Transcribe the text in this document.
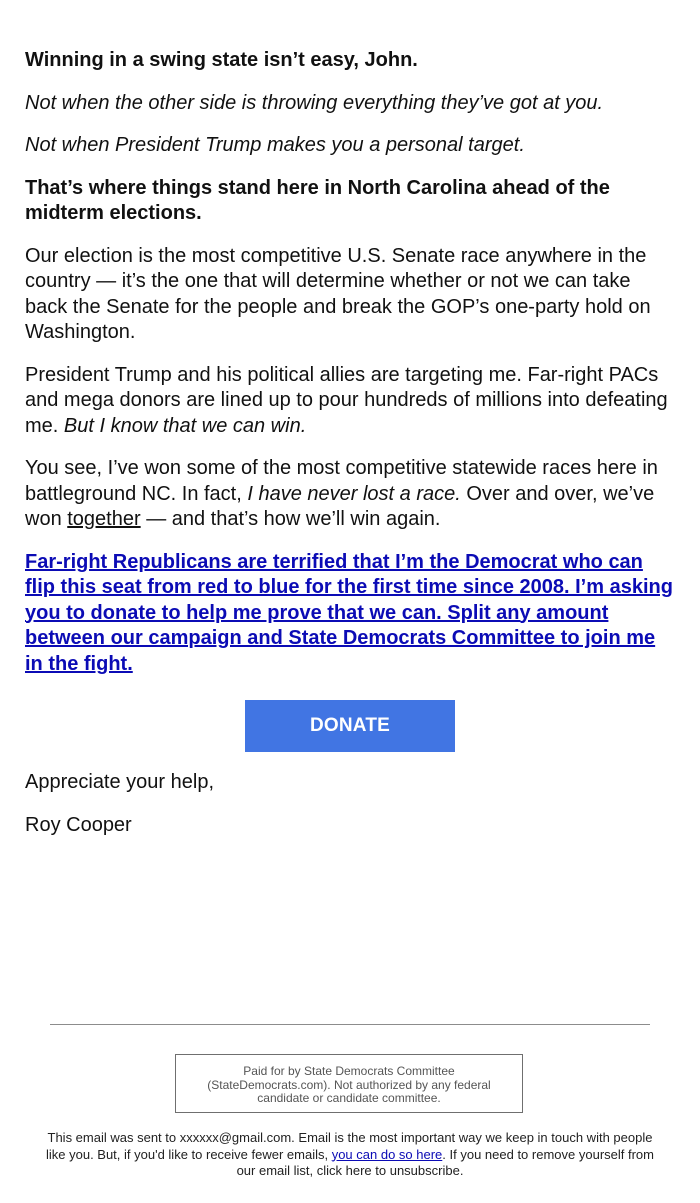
Winning in a swing state isn’t easy, John.

Not when the other side is throwing everything they’ve got at you.

Not when President Trump makes you a personal target.

That’s where things stand here in North Carolina ahead of the midterm elections.

Our election is the most competitive U.S. Senate race anywhere in the country — it’s the one that will determine whether or not we can take back the Senate for the people and break the GOP’s one-party hold on Washington.

President Trump and his political allies are targeting me. Far-right PACs and mega donors are lined up to pour hundreds of millions into defeating me. But I know that we can win.

You see, I’ve won some of the most competitive statewide races here in battleground NC. In fact, I have never lost a race. Over and over, we’ve won together — and that’s how we’ll win again.

Far-right Republicans are terrified that I’m the Democrat who can flip this seat from red to blue for the first time since 2008. I’m asking you to donate to help me prove that we can. Split any amount between our campaign and State Democrats Committee to join me in the fight.

DONATE

Appreciate your help,

Roy Cooper

Paid for by State Democrats Committee (StateDemocrats.com). Not authorized by any federal candidate or candidate committee.
This email was sent to xxxxxx@gmail.com. Email is the most important way we keep in touch with people like you. But, if you'd like to receive fewer emails, you can do so here. If you need to remove yourself from our email list, click here to unsubscribe.
